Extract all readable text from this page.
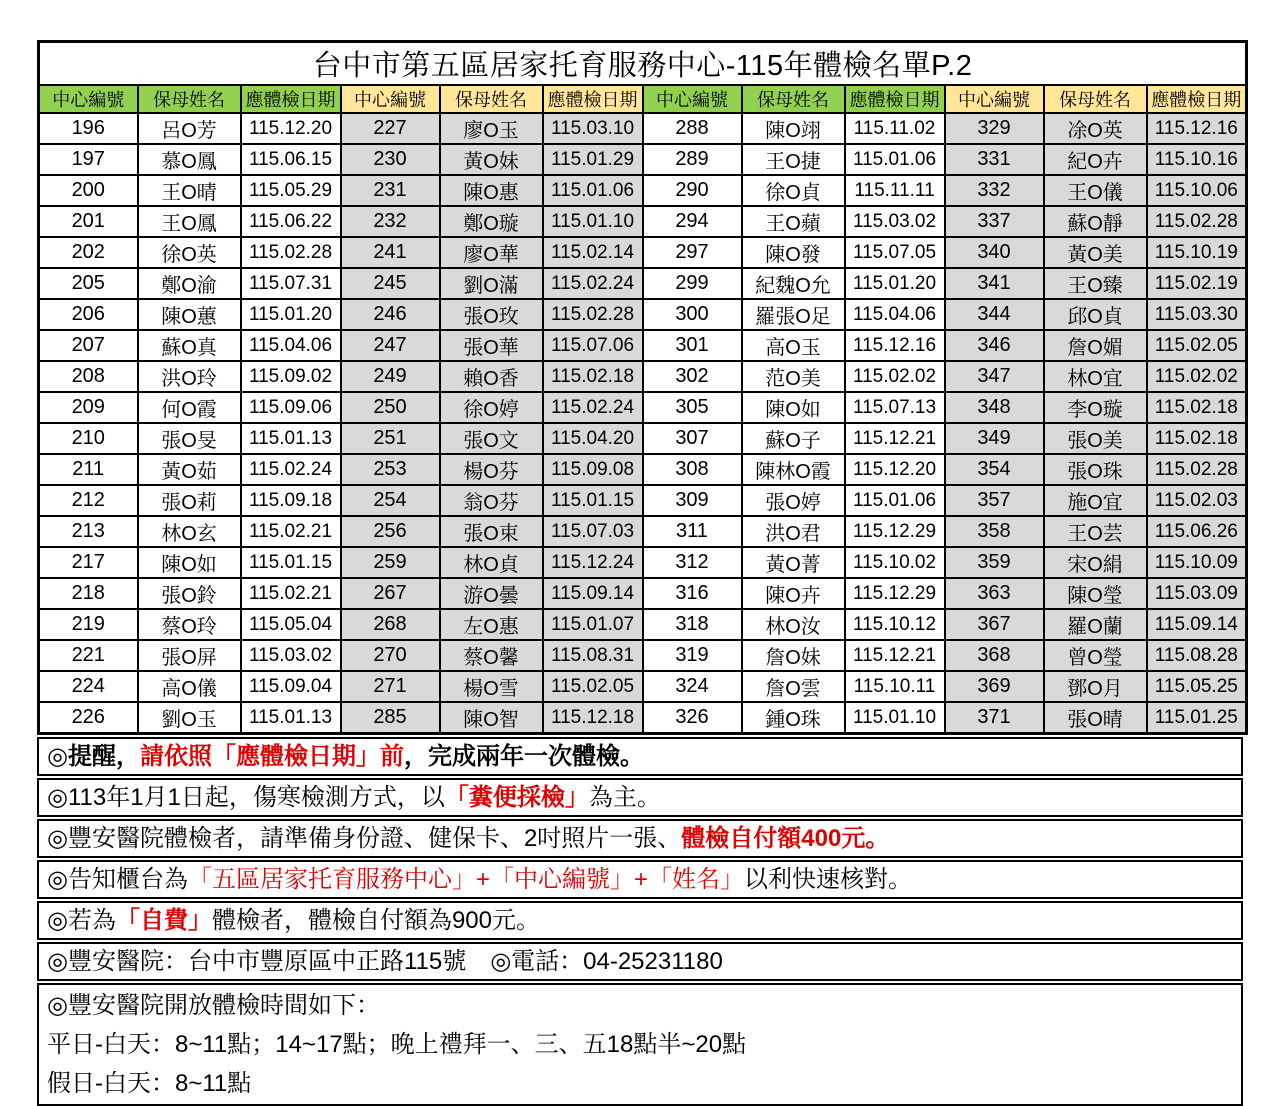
台中市第五區居家托育服務中心-115年體檢名單P.2											
中心編號	保母姓名	應體檢日期	中心編號	保母姓名	應體檢日期	中心編號	保母姓名	應體檢日期	中心編號	保母姓名	應體檢日期
196	呂O芳	115.12.20	227	廖O玉	115.03.10	288	陳O翊	115.11.02	329	凃O英	115.12.16
197	慕O鳳	115.06.15	230	黃O妹	115.01.29	289	王O捷	115.01.06	331	紀O卉	115.10.16
200	王O晴	115.05.29	231	陳O惠	115.01.06	290	徐O貞	115.11.11	332	王O儀	115.10.06
201	王O鳳	115.06.22	232	鄭O璇	115.01.10	294	王O蘋	115.03.02	337	蘇O靜	115.02.28
202	徐O英	115.02.28	241	廖O華	115.02.14	297	陳O發	115.07.05	340	黃O美	115.10.19
205	鄭O渝	115.07.31	245	劉O滿	115.02.24	299	紀魏O允	115.01.20	341	王O臻	115.02.19
206	陳O蕙	115.01.20	246	張O玫	115.02.28	300	羅張O足	115.04.06	344	邱O貞	115.03.30
207	蘇O真	115.04.06	247	張O華	115.07.06	301	高O玉	115.12.16	346	詹O媚	115.02.05
208	洪O玲	115.09.02	249	賴O香	115.02.18	302	范O美	115.02.02	347	林O宜	115.02.02
209	何O霞	115.09.06	250	徐O婷	115.02.24	305	陳O如	115.07.13	348	李O璇	115.02.18
210	張O旻	115.01.13	251	張O文	115.04.20	307	蘇O子	115.12.21	349	張O美	115.02.18
211	黃O茹	115.02.24	253	楊O芬	115.09.08	308	陳林O霞	115.12.20	354	張O珠	115.02.28
212	張O莉	115.09.18	254	翁O芬	115.01.15	309	張O婷	115.01.06	357	施O宜	115.02.03
213	林O玄	115.02.21	256	張O束	115.07.03	311	洪O君	115.12.29	358	王O芸	115.06.26
217	陳O如	115.01.15	259	林O貞	115.12.24	312	黃O菁	115.10.02	359	宋O絹	115.10.09
218	張O鈴	115.02.21	267	游O曇	115.09.14	316	陳O卉	115.12.29	363	陳O瑩	115.03.09
219	蔡O玲	115.05.04	268	左O惠	115.01.07	318	林O汝	115.10.12	367	羅O蘭	115.09.14
221	張O屏	115.03.02	270	蔡O馨	115.08.31	319	詹O妹	115.12.21	368	曾O瑩	115.08.28
224	高O儀	115.09.04	271	楊O雪	115.02.05	324	詹O雲	115.10.11	369	鄧O月	115.05.25
226	劉O玉	115.01.13	285	陳O智	115.12.18	326	鍾O珠	115.01.10	371	張O晴	115.01.25
◎提醒，請依照「應體檢日期」前，完成兩年一次體檢。
◎113年1月1日起，傷寒檢測方式，以「糞便採檢」為主。
◎豐安醫院體檢者，請準備身份證、健保卡、2吋照片一張、體檢自付額400元。
◎告知櫃台為「五區居家托育服務中心」+「中心編號」+「姓名」以利快速核對。
◎若為「自費」體檢者，體檢自付額為900元。
◎豐安醫院：台中市豐原區中正路115號　◎電話：04-25231180
◎豐安醫院開放體檢時間如下：
平日-白天：8~11點；14~17點；晚上禮拜一、三、五18點半~20點
假日-白天：8~11點
